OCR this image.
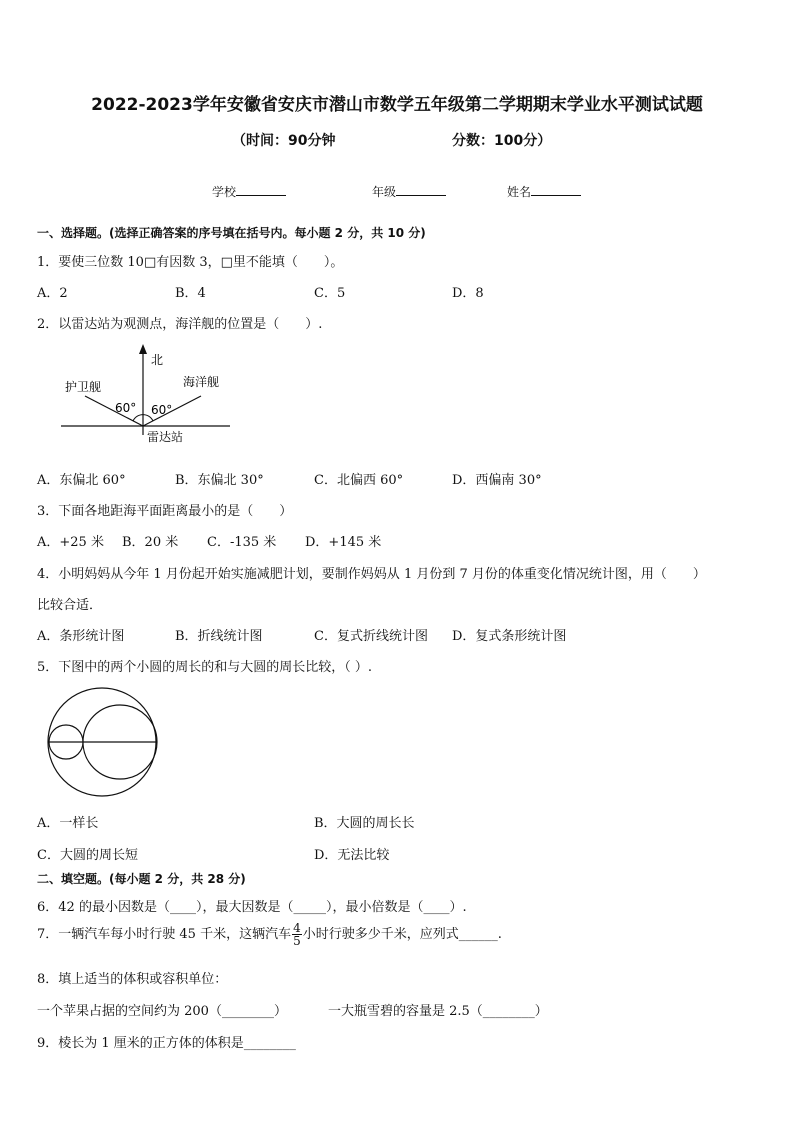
2022-2023学年安徽省安庆市潜山市数学五年级第二学期期末学业水平测试试题
（时间：90分钟	分数：100分）
学校	年级	姓名
一、选择题。(选择正确答案的序号填在括号内。每小题 2 分，共 10 分)
1．要使三位数 10□有因数 3，□里不能填（　　）。
A．2	B．4	C．5	D．8
2．以雷达站为观测点，海洋舰的位置是（　　）.
北
护卫舰	海洋舰
60° 60°
雷达站
A．东偏北 60°	B．东偏北 30°	C．北偏西 60°	D．西偏南 30°
3．下面各地距海平面距离最小的是（　　）
A．+25 米 B．20 米 C．-135 米 D．+145 米
4．小明妈妈从今年 1 月份起开始实施减肥计划，要制作妈妈从 1 月份到 7 月份的体重变化情况统计图，用（　　）
比较合适．
A．条形统计图	B．折线统计图	C．复式折线统计图 D．复式条形统计图
5．下图中的两个小圆的周长的和与大圆的周长比较，（ ）.
A．一样长	B．大圆的周长长
C．大圆的周长短	D．无法比较
二、填空题。(每小题 2 分，共 28 分)
6．42 的最小因数是（____），最大因数是（_____），最小倍数是（____）.
7．一辆汽车每小时行驶 45 千米，这辆汽车 $\frac{4}{5}$ 小时行驶多少千米，应列式______.
8．填上适当的体积或容积单位：
一个苹果占据的空间约为 200（________）	一大瓶雪碧的容量是 2.5（________）
9．棱长为 1 厘米的正方体的体积是________
